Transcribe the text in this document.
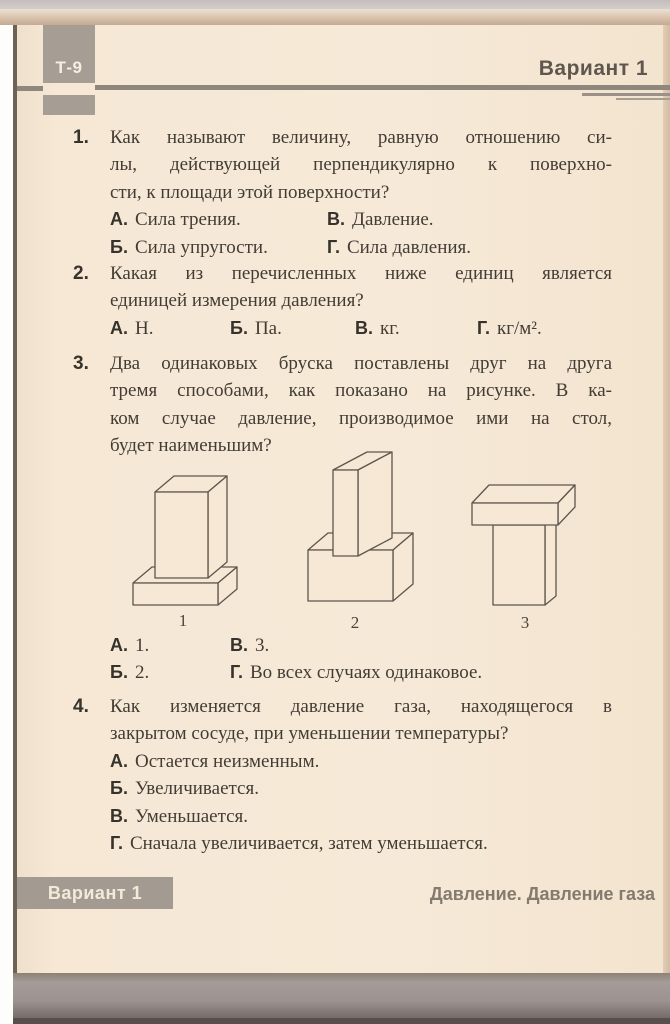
Т-9	Вариант 1
1. Как называют величину, равную отношению си-
лы, действующей перпендикулярно к поверхно-
сти, к площади этой поверхности?
А. Сила трения.	В. Давление.
Б. Сила упругости.	Г. Сила давления.
2. Какая из перечисленных ниже единиц является
единицей измерения давления?
А. Н.	Б. Па.	В. кг.	Г. кг/м².
3. Два одинаковых бруска поставлены друг на друга
тремя способами, как показано на рисунке. В ка-
ком случае давление, производимое ими на стол,
будет наименьшим?
1	2	3
А. 1.	В. 3.
Б. 2.	Г. Во всех случаях одинаковое.
4. Как изменяется давление газа, находящегося в
закрытом сосуде, при уменьшении температуры?
А. Остается неизменным.
Б. Увеличивается.
В. Уменьшается.
Г. Сначала увеличивается, затем уменьшается.
Вариант 1	Давление. Давление газа
